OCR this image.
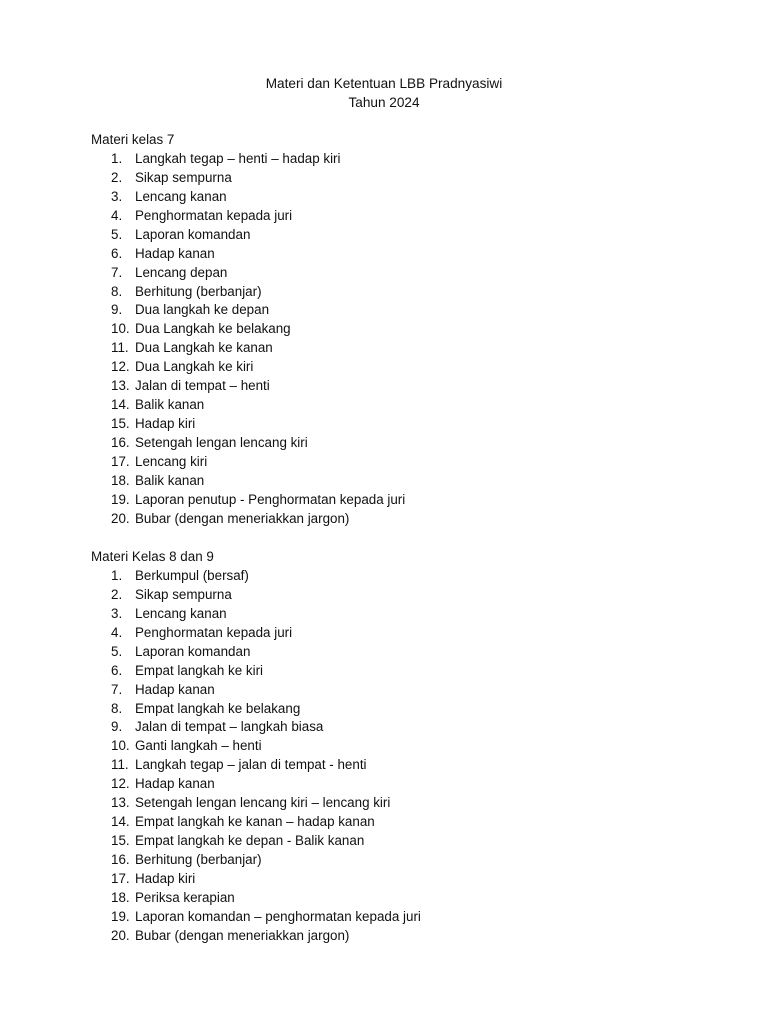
Materi dan Ketentuan LBB Pradnyasiwi
Tahun 2024

Materi kelas 7

1. Langkah tegap – henti – hadap kiri
2. Sikap sempurna
3. Lencang kanan
4. Penghormatan kepada juri
5. Laporan komandan
6. Hadap kanan
7. Lencang depan
8. Berhitung (berbanjar)
9. Dua langkah ke depan
10. Dua Langkah ke belakang
11. Dua Langkah ke kanan
12. Dua Langkah ke kiri
13. Jalan di tempat – henti
14. Balik kanan
15. Hadap kiri
16. Setengah lengan lencang kiri
17. Lencang kiri
18. Balik kanan
19. Laporan penutup - Penghormatan kepada juri
20. Bubar (dengan meneriakkan jargon)

Materi Kelas 8 dan 9

1. Berkumpul (bersaf)
2. Sikap sempurna
3. Lencang kanan
4. Penghormatan kepada juri
5. Laporan komandan
6. Empat langkah ke kiri
7. Hadap kanan
8. Empat langkah ke belakang
9. Jalan di tempat – langkah biasa
10. Ganti langkah – henti
11. Langkah tegap – jalan di tempat - henti
12. Hadap kanan
13. Setengah lengan lencang kiri – lencang kiri
14. Empat langkah ke kanan – hadap kanan
15. Empat langkah ke depan - Balik kanan
16. Berhitung (berbanjar)
17. Hadap kiri
18. Periksa kerapian
19. Laporan komandan – penghormatan kepada juri
20. Bubar (dengan meneriakkan jargon)
